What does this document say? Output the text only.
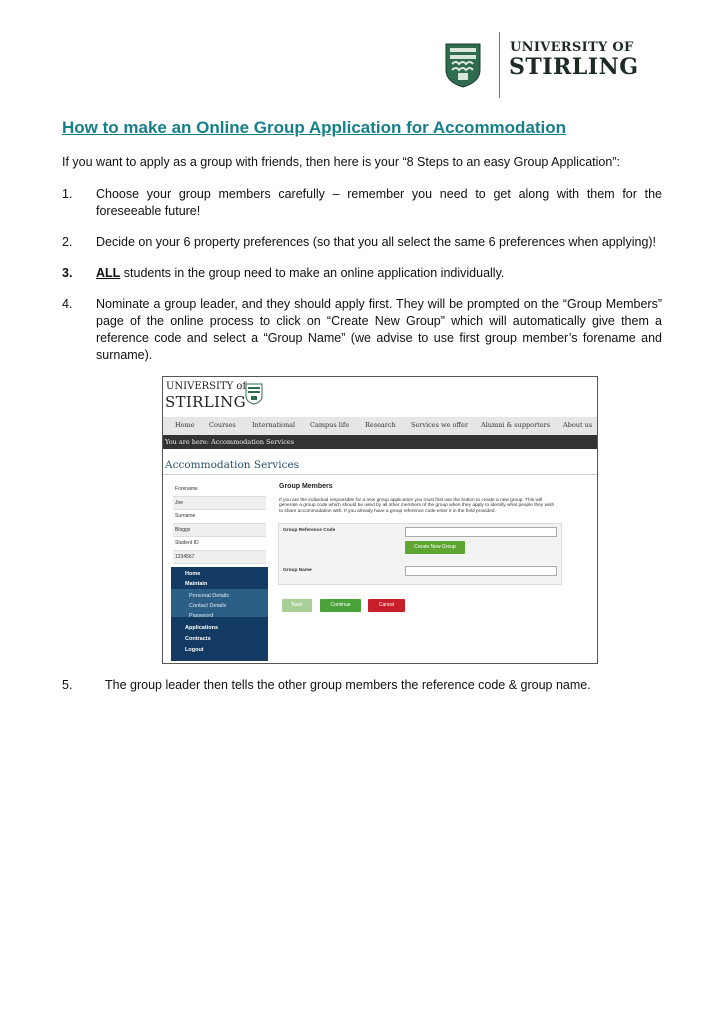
UNIVERSITY OF
STIRLING
How to make an Online Group Application for Accommodation
If you want to apply as a group with friends, then here is your “8 Steps to an easy Group Application”:
1. Choose your group members carefully – remember you need to get along with them for the foreseeable future!
2. Decide on your 6 property preferences (so that you all select the same 6 preferences when applying)!
3. ALL students in the group need to make an online application individually.
4. Nominate a group leader, and they should apply first. They will be prompted on the “Group Members” page of the online process to click on “Create New Group” which will automatically give them a reference code and select a “Group Name” (we advise to use first group member’s forename and surname).
UNIVERSITY of
STIRLING
Home Courses	International Campus life Research Services we offer Alumni & supporters About us
You are here: Accommodation Services
Accommodation Services
Forename
Joe
Surname
Bloggs
Student ID
1234567
Home
Maintain
Personal Details
Contact Details
Password
Applications
Contracts
Logout
Group Members
If you are the individual responsible for a new group application you must first use the button to create a new group. This will generate a group code which should be used by all other members of the group when they apply to identify what people they wish to share accommodation with. If you already have a group reference code enter it in the field provided.
Group Reference Code
Create New Group
Group Name
Back	Continue	Cancel
5.	The group leader then tells the other group members the reference code & group name.
